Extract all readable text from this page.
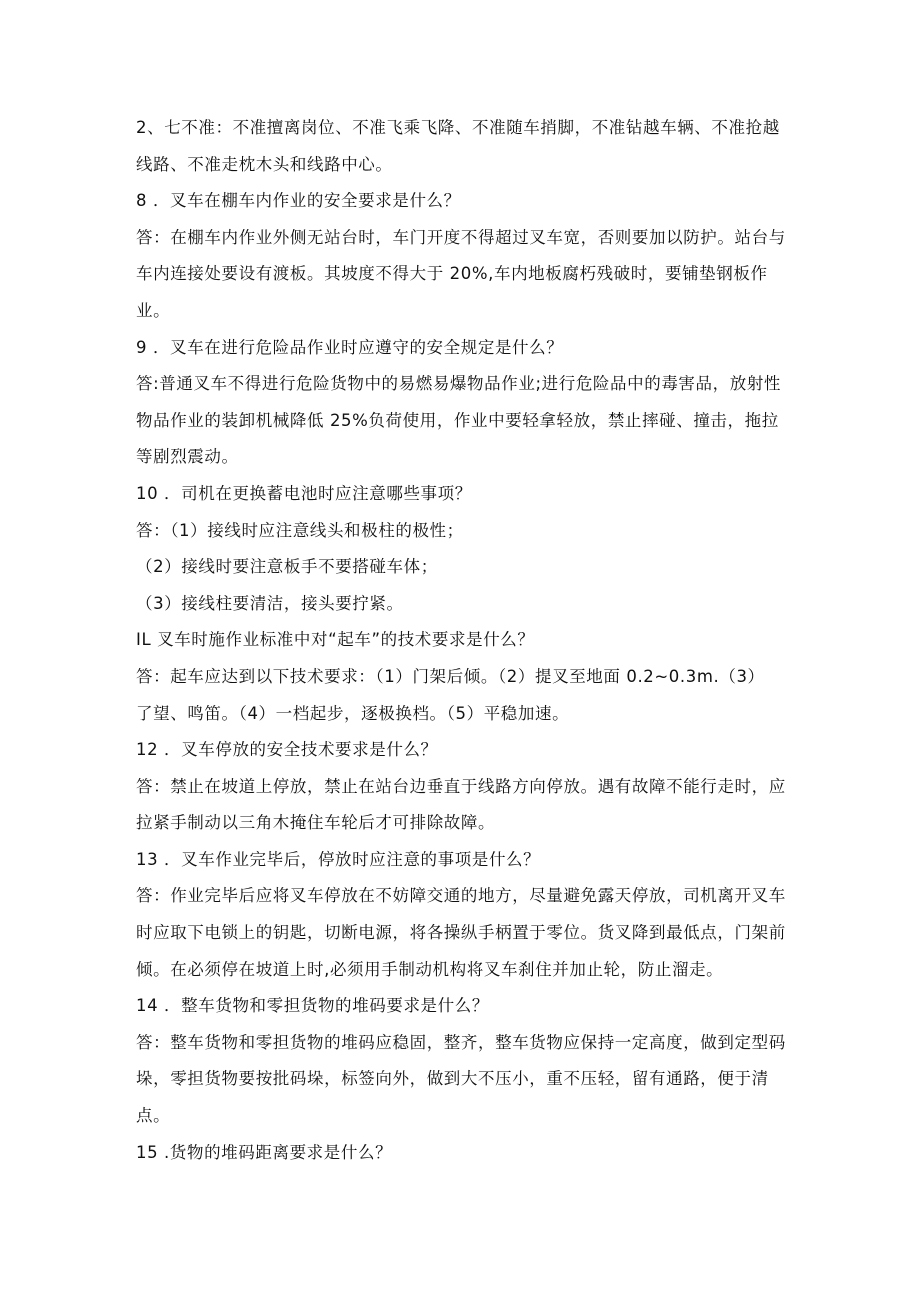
2、七不准：不准擅离岗位、不准飞乘飞降、不准随车捎脚，不准钻越车辆、不准抢越
线路、不准走枕木头和线路中心。
8 ．叉车在棚车内作业的安全要求是什么？
答：在棚车内作业外侧无站台时，车门开度不得超过叉车宽，否则要加以防护。站台与
车内连接处要设有渡板。其坡度不得大于 20%,车内地板腐朽残破时，要铺垫钢板作
业。
9 ．叉车在进行危险品作业时应遵守的安全规定是什么？
答:普通叉车不得进行危险货物中的易燃易爆物品作业;进行危险品中的毒害品，放射性
物品作业的装卸机械降低 25%负荷使用，作业中要轻拿轻放，禁止摔碰、撞击，拖拉
等剧烈震动。
10 ．司机在更换蓄电池时应注意哪些事项？
答：（1）接线时应注意线头和极柱的极性；
（2）接线时要注意板手不要搭碰车体；
（3）接线柱要清洁，接头要拧紧。
IL 叉车时施作业标准中对“起车”的技术要求是什么？
答：起车应达到以下技术要求：（1）门架后倾。（2）提叉至地面 0.2~0.3m.（3）
了望、鸣笛。（4）一档起步，逐极换档。（5）平稳加速。
12 ．叉车停放的安全技术要求是什么？
答：禁止在坡道上停放，禁止在站台边垂直于线路方向停放。遇有故障不能行走时，应
拉紧手制动以三角木掩住车轮后才可排除故障。
13 ．叉车作业完毕后，停放时应注意的事项是什么？
答：作业完毕后应将叉车停放在不妨障交通的地方，尽量避免露天停放，司机离开叉车
时应取下电锁上的钥匙，切断电源，将各操纵手柄置于零位。货叉降到最低点，门架前
倾。在必须停在坡道上时,必须用手制动机构将叉车刹住并加止轮，防止溜走。
14 ．整车货物和零担货物的堆码要求是什么？
答：整车货物和零担货物的堆码应稳固，整齐，整车货物应保持一定高度，做到定型码
垛，零担货物要按批码垛，标签向外，做到大不压小，重不压轻，留有通路，便于清
点。
15 .货物的堆码距离要求是什么？
